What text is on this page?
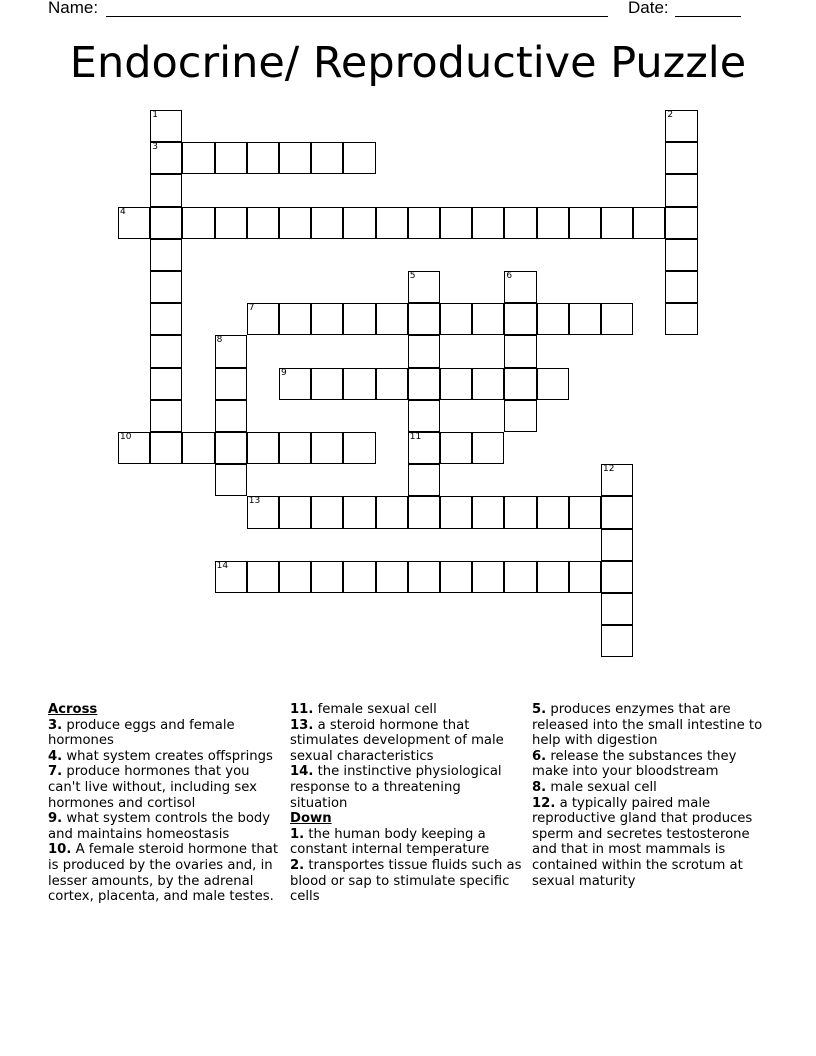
Name:	Date:
Endocrine/ Reproductive Puzzle
3
4
7
9
10	11
13
14
1	2
5	6
8
12
Across
3. produce eggs and female hormones
4. what system creates offsprings
7. produce hormones that you can't live without, including sex hormones and cortisol
9. what system controls the body and maintains homeostasis
10. A female steroid hormone that is produced by the ovaries and, in lesser amounts, by the adrenal cortex, placenta, and male testes.
11. female sexual cell
13. a steroid hormone that stimulates development of male sexual characteristics
14. the instinctive physiological response to a threatening situation
Down
1. the human body keeping a constant internal temperature
2. transportes tissue fluids such as blood or sap to stimulate specific cells
5. produces enzymes that are released into the small intestine to help with digestion
6. release the substances they make into your bloodstream
8. male sexual cell
12. a typically paired male reproductive gland that produces sperm and secretes testosterone and that in most mammals is contained within the scrotum at sexual maturity
